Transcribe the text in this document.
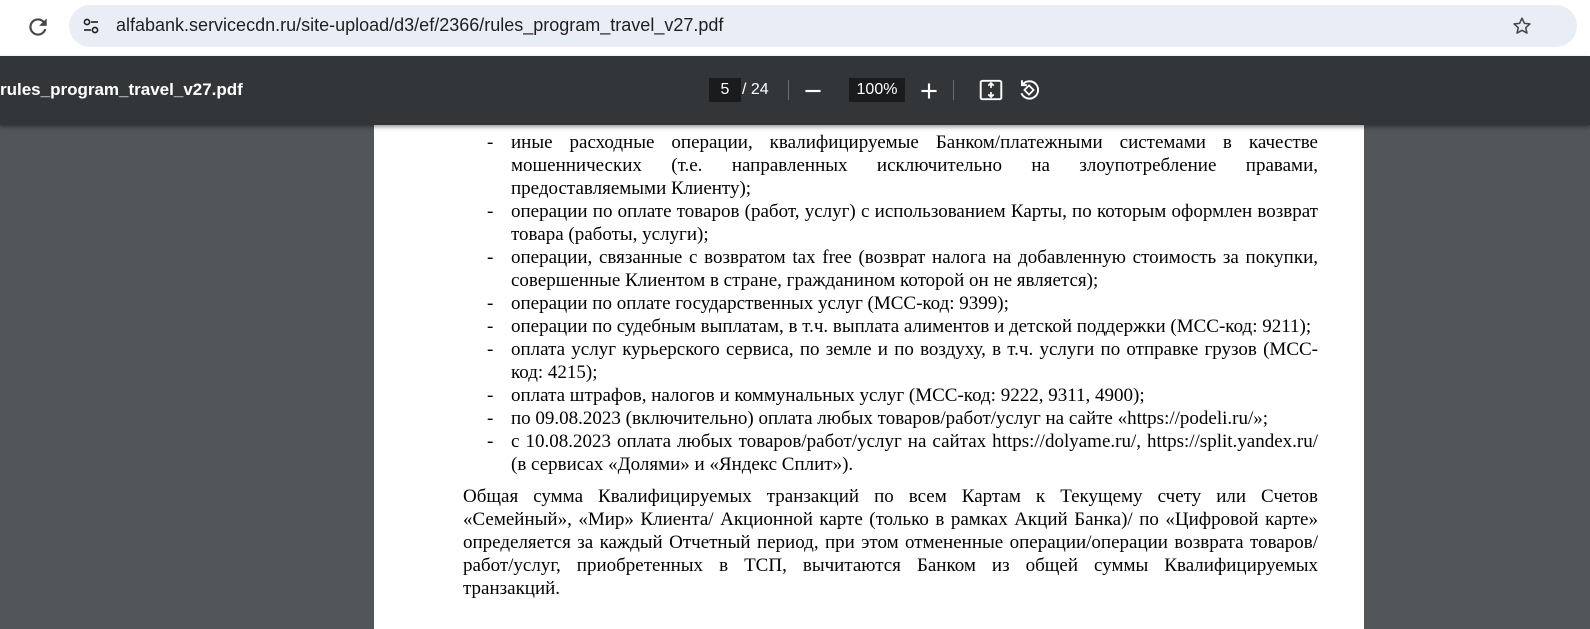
alfabank.servicecdn.ru/site-upload/d3/ef/2366/rules_program_travel_v27.pdf
rules_program_travel_v27.pdf	5 / 24	100%
- иные расходные операции, квалифицируемые Банком/платежными системами в качестве мошеннических (т.е. направленных исключительно на злоупотребление правами, предоставляемыми Клиенту);
- операции по оплате товаров (работ, услуг) с использованием Карты, по которым оформлен возврат товара (работы, услуги);
- операции, связанные с возвратом tax free (возврат налога на добавленную стоимость за покупки, совершенные Клиентом в стране, гражданином которой он не является);
- операции по оплате государственных услуг (МСС-код: 9399);
- операции по судебным выплатам, в т.ч. выплата алиментов и детской поддержки (МСС-код: 9211);
- оплата услуг курьерского сервиса, по земле и по воздуху, в т.ч. услуги по отправке грузов (МСС-код: 4215);
- оплата штрафов, налогов и коммунальных услуг (МСС-код: 9222, 9311, 4900);
- по 09.08.2023 (включительно) оплата любых товаров/работ/услуг на сайте «https://podeli.ru/»;
- с 10.08.2023 оплата любых товаров/работ/услуг на сайтах https://dolyame.ru/, https://split.yandex.ru/ (в сервисах «Долями» и «Яндекс Сплит»).

Общая сумма Квалифицируемых транзакций по всем Картам к Текущему счету или Счетов «Семейный», «Мир» Клиента/ Акционной карте (только в рамках Акций Банка)/ по «Цифровой карте» определяется за каждый Отчетный период, при этом отмененные операции/операции возврата товаров/работ/услуг, приобретенных в ТСП, вычитаются Банком из общей суммы Квалифицируемых транзакций.
